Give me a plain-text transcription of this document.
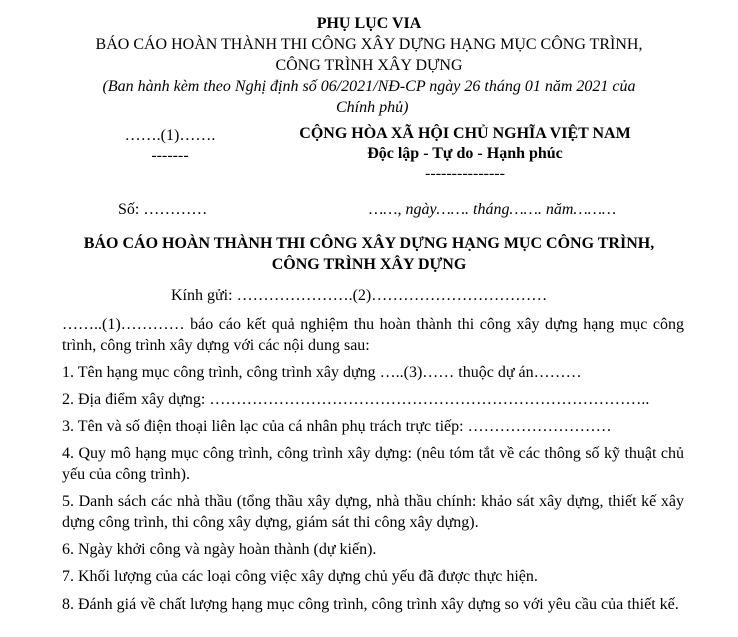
PHỤ LỤC VIA
BÁO CÁO HOÀN THÀNH THI CÔNG XÂY DỰNG HẠNG MỤC CÔNG TRÌNH,
CÔNG TRÌNH XÂY DỰNG
(Ban hành kèm theo Nghị định số 06/2021/NĐ-CP ngày 26 tháng 01 năm 2021 của
Chính phủ)
…….(1)…….
-------
CỘNG HÒA XÃ HỘI CHỦ NGHĨA VIỆT NAM
Độc lập - Tự do - Hạnh phúc
---------------
Số: …………	……, ngày……. tháng……. năm………
BÁO CÁO HOÀN THÀNH THI CÔNG XÂY DỰNG HẠNG MỤC CÔNG TRÌNH,
CÔNG TRÌNH XÂY DỰNG
Kính gửi: ………………….(2)……………………………
……..(1)………… báo cáo kết quả nghiệm thu hoàn thành thi công xây dựng hạng mục công trình, công trình xây dựng với các nội dung sau:
1. Tên hạng mục công trình, công trình xây dựng …..(3)…… thuộc dự án………
2. Địa điểm xây dựng: ………………………………………………………………………..
3. Tên và số điện thoại liên lạc của cá nhân phụ trách trực tiếp: ………………………
4. Quy mô hạng mục công trình, công trình xây dựng: (nêu tóm tắt về các thông số kỹ thuật chủ yếu của công trình).
5. Danh sách các nhà thầu (tổng thầu xây dựng, nhà thầu chính: khảo sát xây dựng, thiết kế xây dựng công trình, thi công xây dựng, giám sát thi công xây dựng).
6. Ngày khởi công và ngày hoàn thành (dự kiến).
7. Khối lượng của các loại công việc xây dựng chủ yếu đã được thực hiện.
8. Đánh giá về chất lượng hạng mục công trình, công trình xây dựng so với yêu cầu của thiết kế.
